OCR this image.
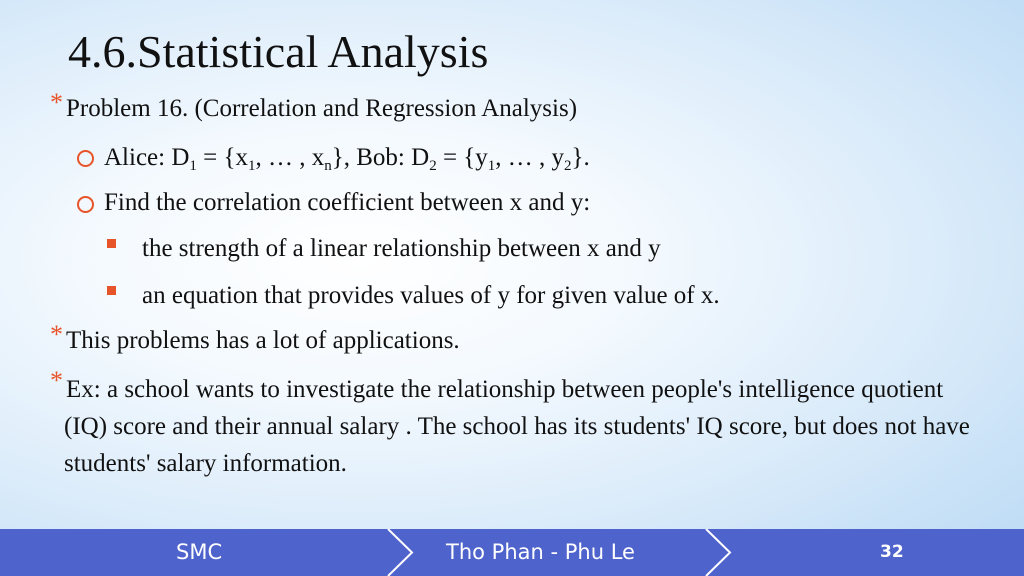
4.6.Statistical Analysis
* Problem 16. (Correlation and Regression Analysis)
Alice: $D_1 = \{x_1$, … , $x_n$}, Bob: $D_2 = \{y_1$, … , $y_2$}.
Find the correlation coefficient between x and y:
the strength of a linear relationship between x and y
an equation that provides values of y for given value of x.
* This problems has a lot of applications.
* Ex: a school wants to investigate the relationship between people's intelligence quotient (IQ) score and their annual salary . The school has its students' IQ score, but does not have students' salary information.
SMC	Tho Phan - Phu Le	32
